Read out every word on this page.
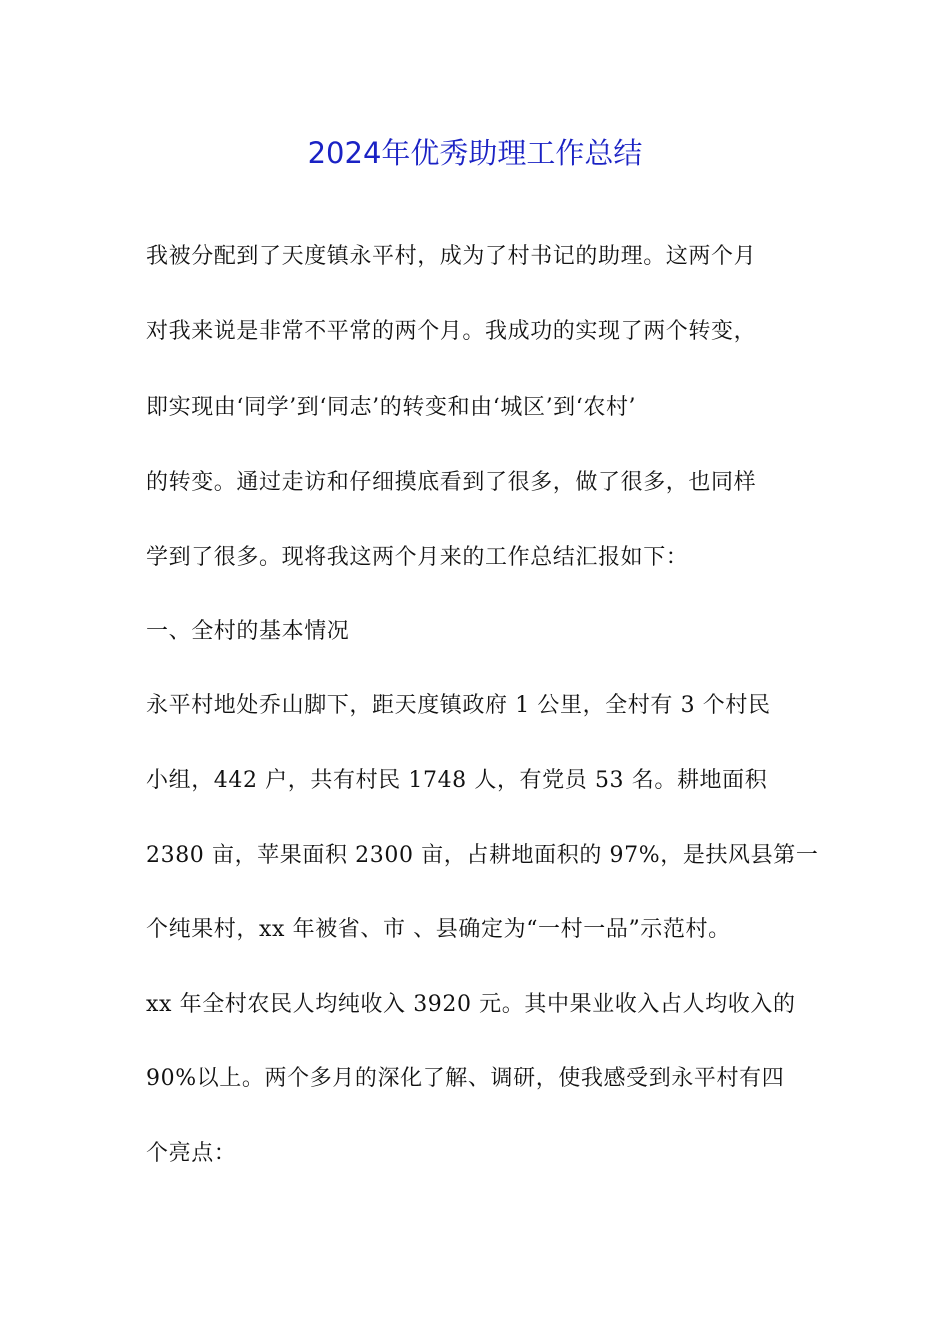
2024年优秀助理工作总结
我被分配到了天度镇永平村，成为了村书记的助理。这两个月
对我来说是非常不平常的两个月。我成功的实现了两个转变，
即实现由‘同学’到‘同志’的转变和由‘城区’到‘农村’
的转变。通过走访和仔细摸底看到了很多，做了很多，也同样
学到了很多。现将我这两个月来的工作总结汇报如下：
一、全村的基本情况
永平村地处乔山脚下，距天度镇政府 1 公里，全村有 3 个村民
小组，442 户，共有村民 1748 人，有党员 53 名。耕地面积
2380 亩，苹果面积 2300 亩，占耕地面积的 97%，是扶风县第一
个纯果村，xx 年被省、市 、县确定为“一村一品”示范村。
xx 年全村农民人均纯收入 3920 元。其中果业收入占人均收入的
90%以上。两个多月的深化了解、调研，使我感受到永平村有四
个亮点：
